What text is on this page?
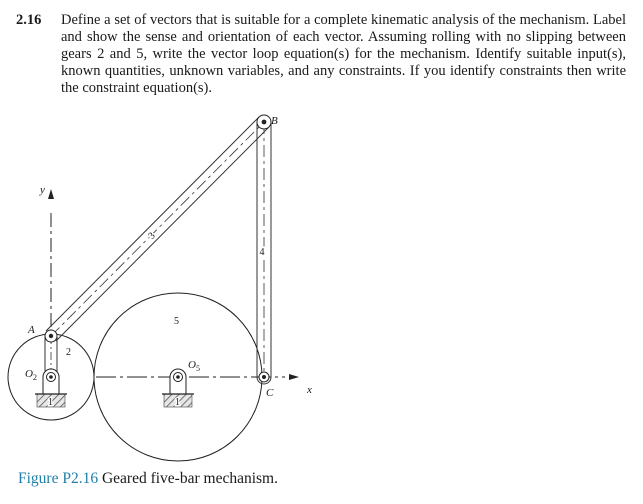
2.16 Define a set of vectors that is suitable for a complete kinematic analysis of the mechanism. Label and show the sense and orientation of each vector. Assuming rolling with no slipping between gears 2 and 5, write the vector loop equation(s) for the mechanism. Identify suitable input(s), known quantities, unknown variables, and any constraints. If you identify constraints then write the constraint equation(s).
B
C
A
x
y
$O_2$
$O_5$
2
4
5
3
1	1
Figure P2.16 Geared five-bar mechanism.
